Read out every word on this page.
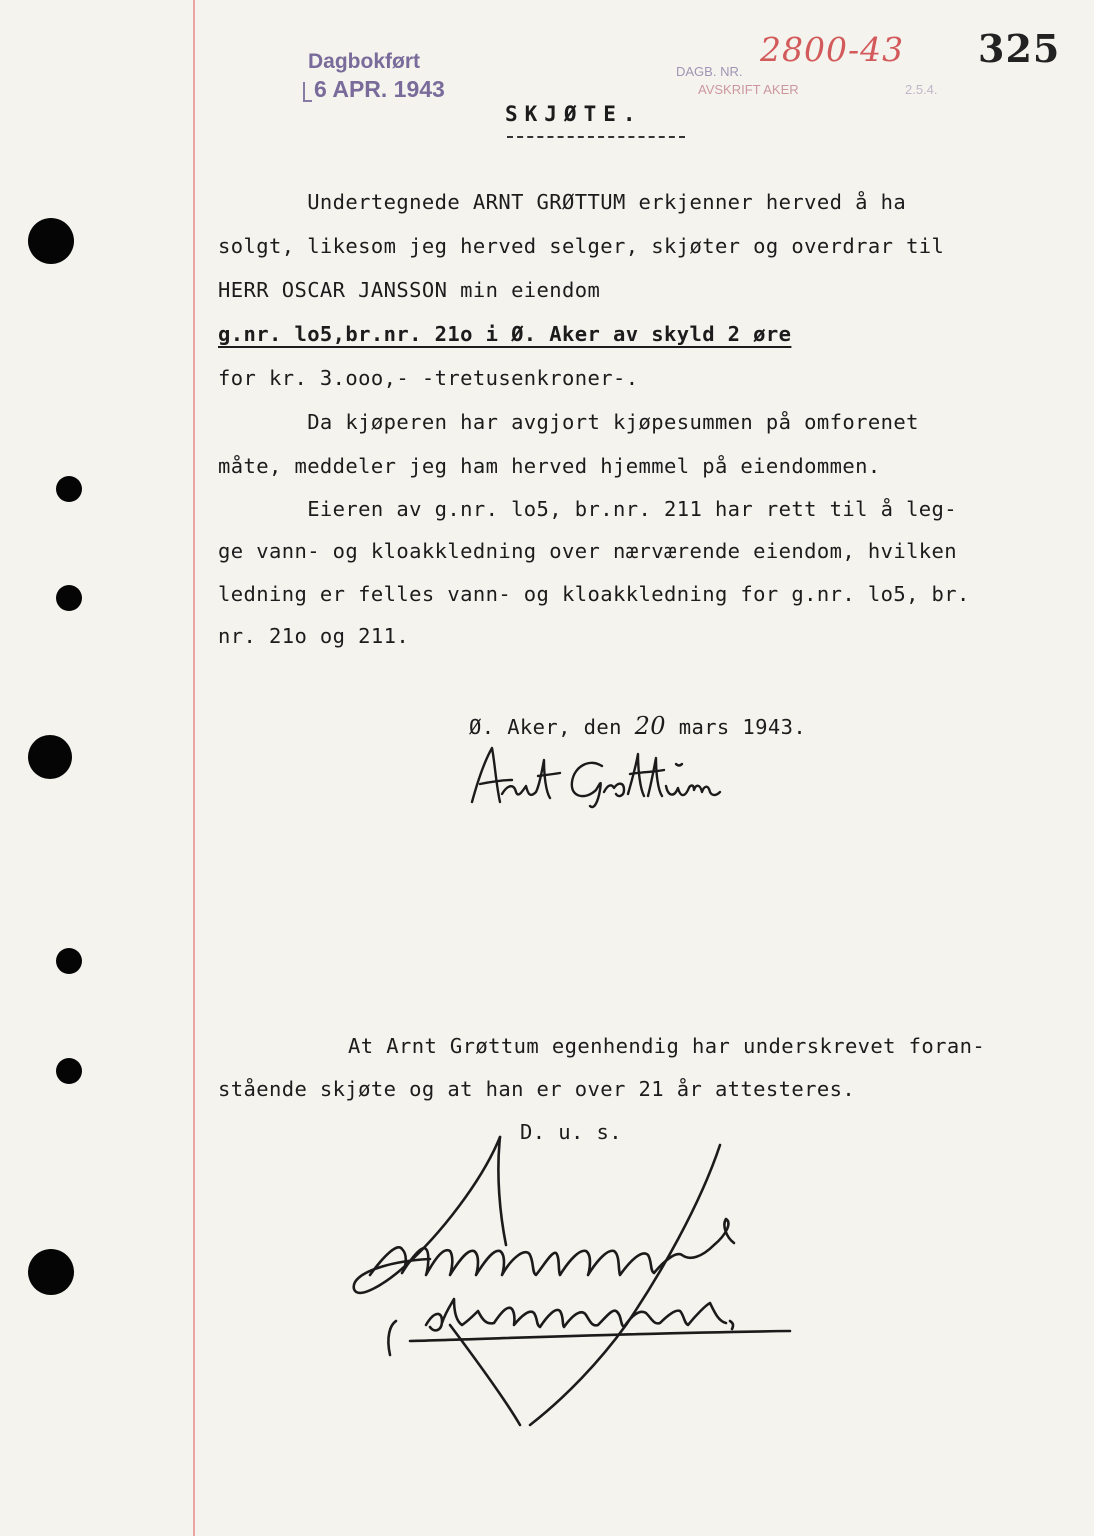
Dagbokført
6 APR. 1943
DAGB. NR.
AVSKRIFT AKER	2.5.4.
2800-43 325
SKJØTE.
Undertegnede ARNT GRØTTUM erkjenner herved å ha
solgt, likesom jeg herved selger, skjøter og overdrar til
HERR OSCAR JANSSON min eiendom
g.nr. lo5,br.nr. 21o i Ø. Aker av skyld 2 øre
for kr. 3.ooo,- -tretusenkroner-.
Da kjøperen har avgjort kjøpesummen på omforenet
måte, meddeler jeg ham herved hjemmel på eiendommen.
Eieren av g.nr. lo5, br.nr. 211 har rett til å leg-
ge vann- og kloakkledning over nærværende eiendom, hvilken
ledning er felles vann- og kloakkledning for g.nr. lo5, br.
nr. 21o og 211.

Ø. Aker, den 20 mars 1943.

At Arnt Grøttum egenhendig har underskrevet foran-
stående skjøte og at han er over 21 år attesteres.
D. u. s.
